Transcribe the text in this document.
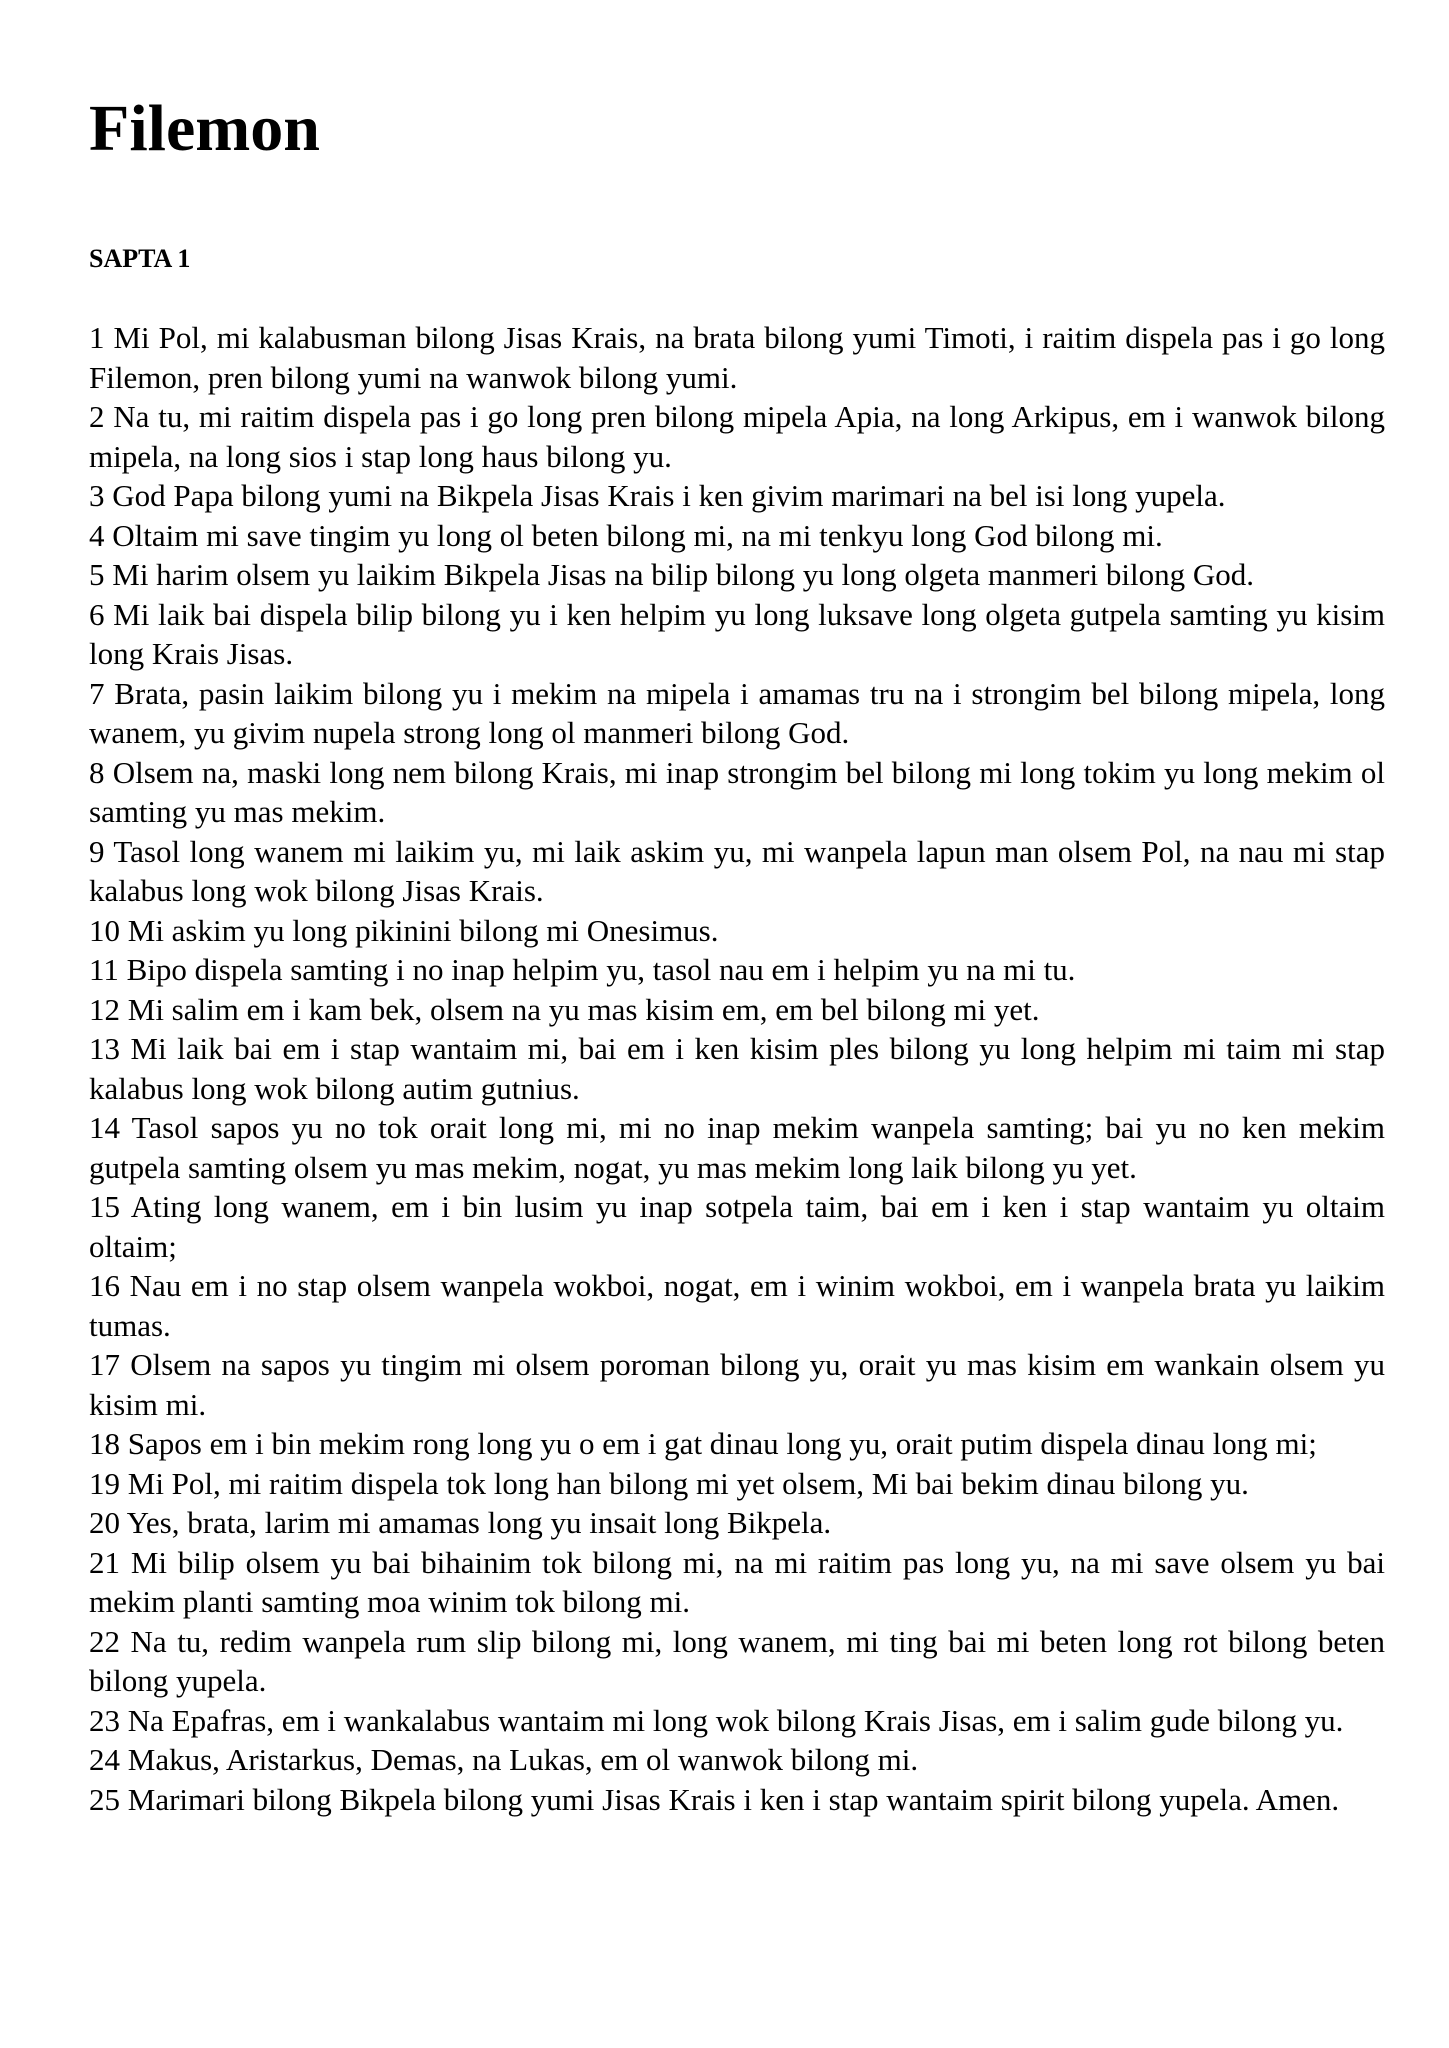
Filemon
SAPTA 1

1 Mi Pol, mi kalabusman bilong Jisas Krais, na brata bilong yumi Timoti, i raitim dispela pas i go long Filemon, pren bilong yumi na wanwok bilong yumi.

2 Na tu, mi raitim dispela pas i go long pren bilong mipela Apia, na long Arkipus, em i wanwok bilong mipela, na long sios i stap long haus bilong yu.

3 God Papa bilong yumi na Bikpela Jisas Krais i ken givim marimari na bel isi long yupela.

4 Oltaim mi save tingim yu long ol beten bilong mi, na mi tenkyu long God bilong mi.

5 Mi harim olsem yu laikim Bikpela Jisas na bilip bilong yu long olgeta manmeri bilong God.

6 Mi laik bai dispela bilip bilong yu i ken helpim yu long luksave long olgeta gutpela samting yu kisim long Krais Jisas.

7 Brata, pasin laikim bilong yu i mekim na mipela i amamas tru na i strongim bel bilong mipela, long wanem, yu givim nupela strong long ol manmeri bilong God.

8 Olsem na, maski long nem bilong Krais, mi inap strongim bel bilong mi long tokim yu long mekim ol samting yu mas mekim.

9 Tasol long wanem mi laikim yu, mi laik askim yu, mi wanpela lapun man olsem Pol, na nau mi stap kalabus long wok bilong Jisas Krais.

10 Mi askim yu long pikinini bilong mi Onesimus.

11 Bipo dispela samting i no inap helpim yu, tasol nau em i helpim yu na mi tu.

12 Mi salim em i kam bek, olsem na yu mas kisim em, em bel bilong mi yet.

13 Mi laik bai em i stap wantaim mi, bai em i ken kisim ples bilong yu long helpim mi taim mi stap kalabus long wok bilong autim gutnius.

14 Tasol sapos yu no tok orait long mi, mi no inap mekim wanpela samting; bai yu no ken mekim gutpela samting olsem yu mas mekim, nogat, yu mas mekim long laik bilong yu yet.

15 Ating long wanem, em i bin lusim yu inap sotpela taim, bai em i ken i stap wantaim yu oltaim oltaim;

16 Nau em i no stap olsem wanpela wokboi, nogat, em i winim wokboi, em i wanpela brata yu laikim tumas.

17 Olsem na sapos yu tingim mi olsem poroman bilong yu, orait yu mas kisim em wankain olsem yu kisim mi.

18 Sapos em i bin mekim rong long yu o em i gat dinau long yu, orait putim dispela dinau long mi;

19 Mi Pol, mi raitim dispela tok long han bilong mi yet olsem, Mi bai bekim dinau bilong yu.

20 Yes, brata, larim mi amamas long yu insait long Bikpela.

21 Mi bilip olsem yu bai bihainim tok bilong mi, na mi raitim pas long yu, na mi save olsem yu bai mekim planti samting moa winim tok bilong mi.

22 Na tu, redim wanpela rum slip bilong mi, long wanem, mi ting bai mi beten long rot bilong beten bilong yupela.

23 Na Epafras, em i wankalabus wantaim mi long wok bilong Krais Jisas, em i salim gude bilong yu.

24 Makus, Aristarkus, Demas, na Lukas, em ol wanwok bilong mi.

25 Marimari bilong Bikpela bilong yumi Jisas Krais i ken i stap wantaim spirit bilong yupela. Amen.
